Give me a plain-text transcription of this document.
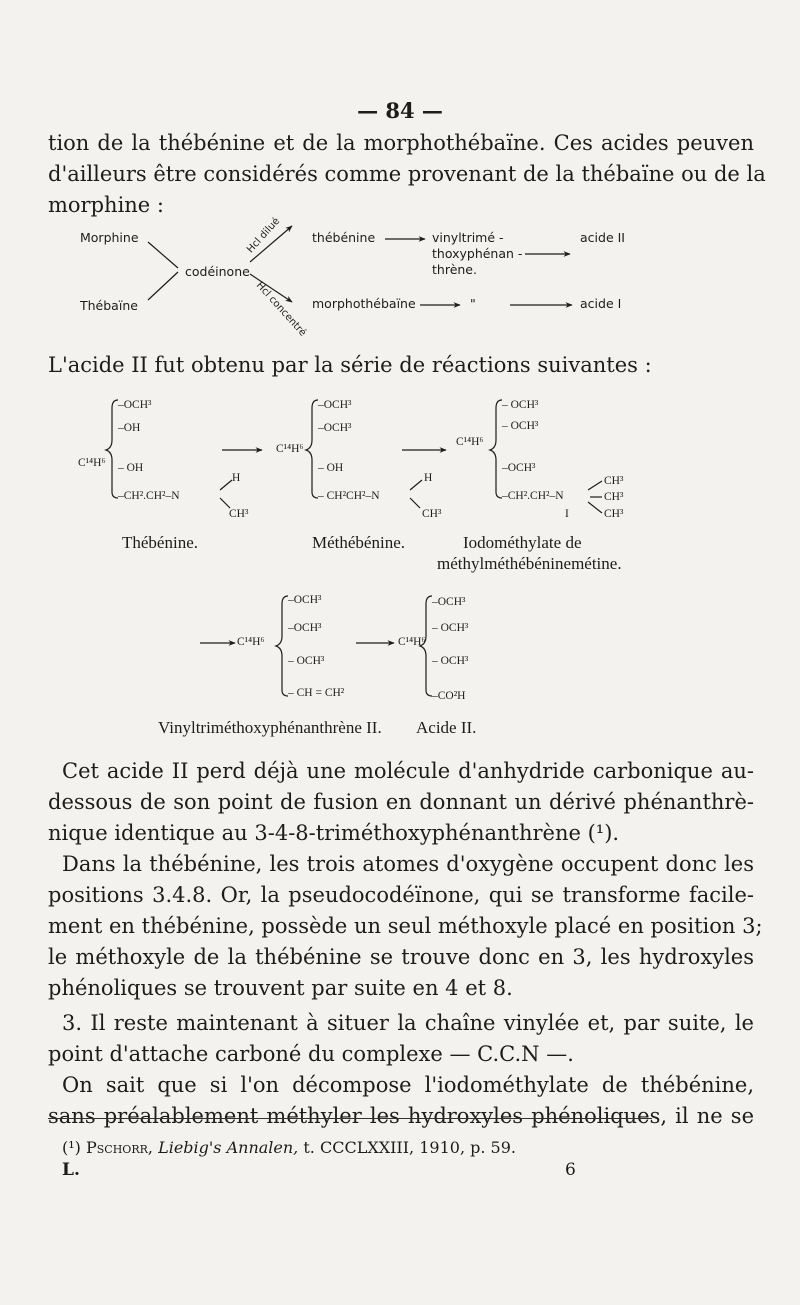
— 84 —
tion de la thébénine et de la morphothébaïne. Ces acides peuven
d'ailleurs être considérés comme provenant de la thébaïne ou de la
morphine :
Morphine
Thébaïne
codéinone
Hcl dilué
Hcl concentré
thébénine	vinyltrimé -
thoxyphénan -
thrène.
acide II
morphothébaïne	"	acide I
L'acide II fut obtenu par la série de réactions suivantes :
C¹⁴H⁶
–OCH³
–OH
– OH
–CH².CH²–N
H
CH³
Thébénine.
C¹⁴H⁶
–OCH³
–OCH³
– OH
– CH²CH²–N
H
CH³
Méthébénine.
C¹⁴H⁶
– OCH³
– OCH³
–OCH³
–CH².CH²–N
CH³
CH³
CH³
I
Iodométhylate de
méthylméthébéninemétine.
C¹⁴H⁶
–OCH³
–OCH³
– OCH³
– CH = CH²
Vinyltriméthoxyphénanthrène II.
C¹⁴H⁶
–OCH³
– OCH³
– OCH³
–CO²H
Acide II.
Cet acide II perd déjà une molécule d'anhydride carbonique au-
dessous de son point de fusion en donnant un dérivé phénanthrè-
nique identique au 3-4-8-triméthoxyphénanthrène (¹).
Dans la thébénine, les trois atomes d'oxygène occupent donc les
positions 3.4.8. Or, la pseudocodéïnone, qui se transforme facile-
ment en thébénine, possède un seul méthoxyle placé en position 3;
le méthoxyle de la thébénine se trouve donc en 3, les hydroxyles
phénoliques se trouvent par suite en 4 et 8.
3. Il reste maintenant à situer la chaîne vinylée et, par suite, le
point d'attache carboné du complexe — C.C.N —.
On sait que si l'on décompose l'iodométhylate de thébénine,
sans préalablement méthyler les hydroxyles phénoliques, il ne se
(¹) Pschorr, Liebig's Annalen, t. CCCLXXIII, 1910, p. 59.
L.	6
